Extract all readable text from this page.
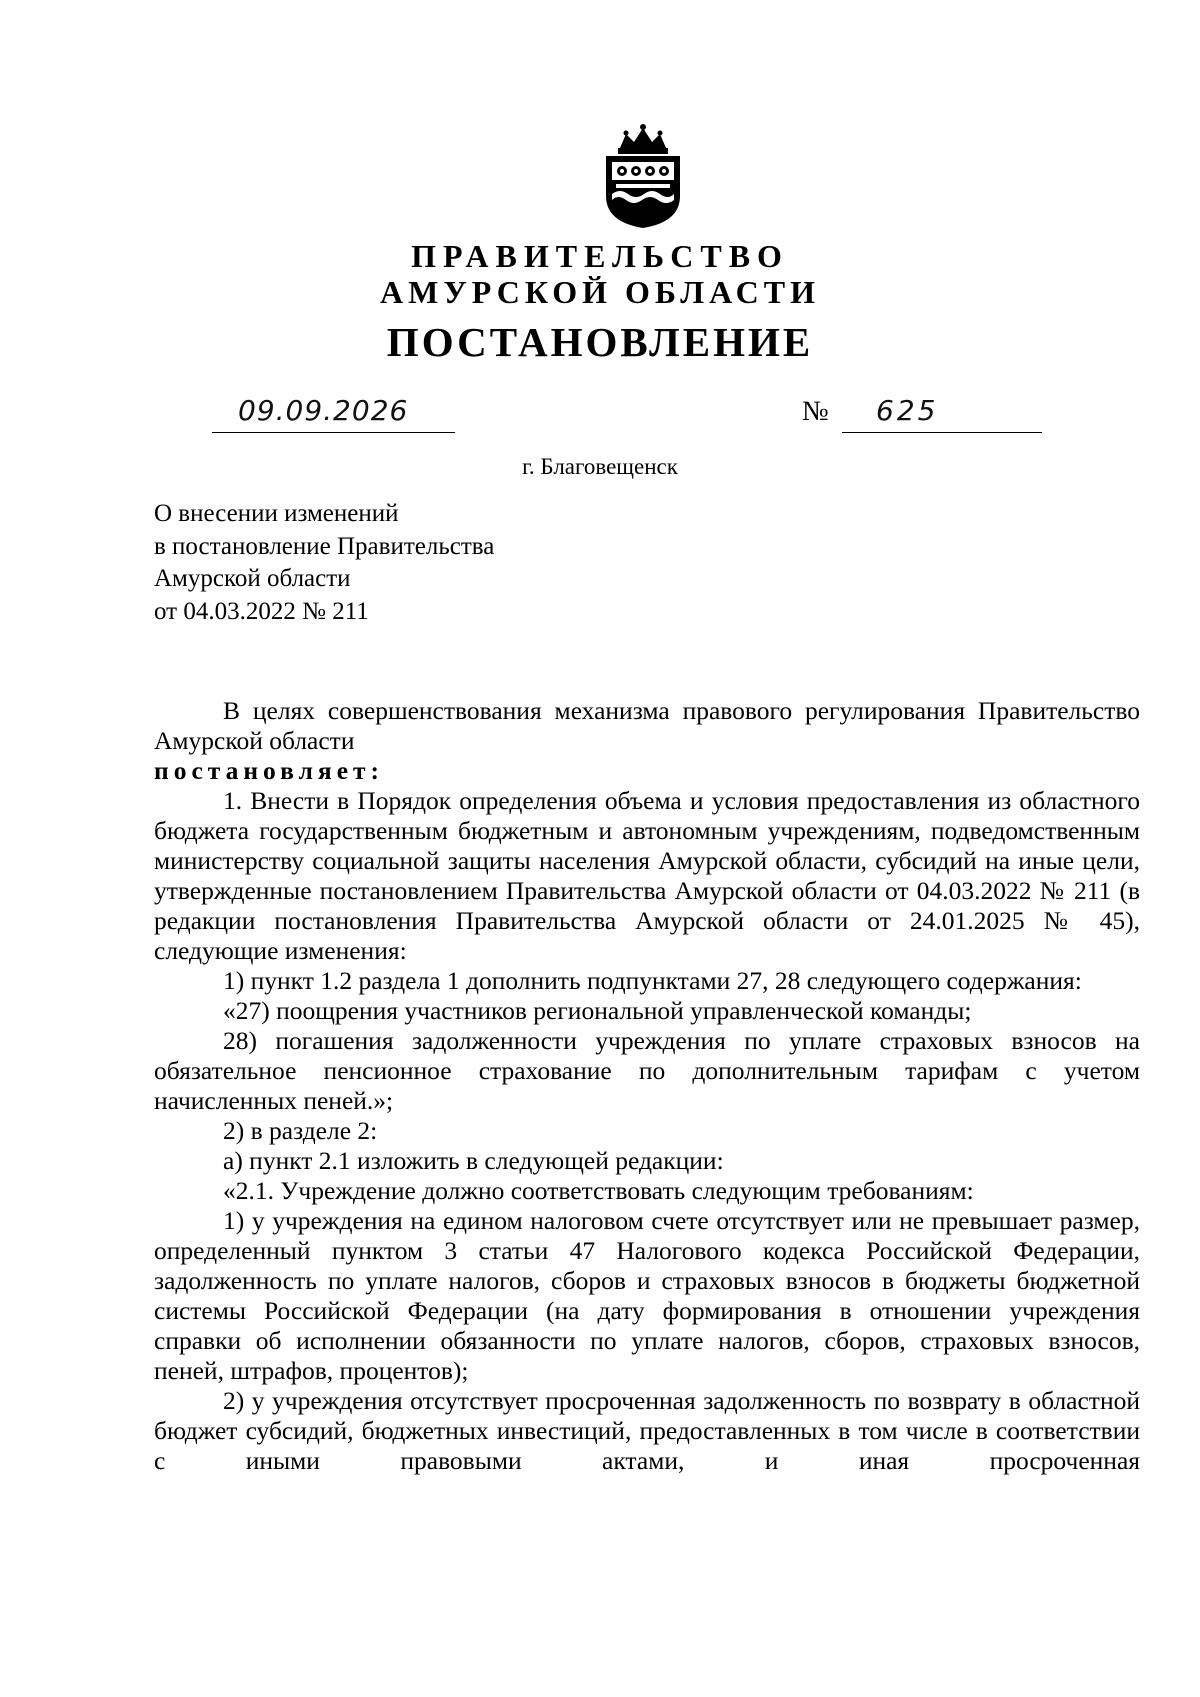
ПРАВИТЕЛЬСТВО
АМУРСКОЙ ОБЛАСТИ
ПОСТАНОВЛЕНИЕ
09.09.2026	№ 625
г. Благовещенск
О внесении изменений
в постановление Правительства
Амурской области
от 04.03.2022 № 211

В целях совершенствования механизма правового регулирования Правительство Амурской области

постановляет:

1. Внести в Порядок определения объема и условия предоставления из областного бюджета государственным бюджетным и автономным учреждениям, подведомственным министерству социальной защиты населения Амурской области, субсидий на иные цели, утвержденные постановлением Правительства Амурской области от 04.03.2022 № 211 (в редакции постановления Правительства Амурской области от 24.01.2025 № 45), следующие изменения:

1) пункт 1.2 раздела 1 дополнить подпунктами 27, 28 следующего содержания:

«27) поощрения участников региональной управленческой команды;

28) погашения задолженности учреждения по уплате страховых взносов на обязательное пенсионное страхование по дополнительным тарифам с учетом начисленных пеней.»;

2) в разделе 2:

а) пункт 2.1 изложить в следующей редакции:

«2.1. Учреждение должно соответствовать следующим требованиям:

1) у учреждения на едином налоговом счете отсутствует или не превышает размер, определенный пунктом 3 статьи 47 Налогового кодекса Российской Федерации, задолженность по уплате налогов, сборов и страховых взносов в бюджеты бюджетной системы Российской Федерации (на дату формирования в отношении учреждения справки об исполнении обязанности по уплате налогов, сборов, страховых взносов, пеней, штрафов, процентов);

2) у учреждения отсутствует просроченная задолженность по возврату в областной бюджет субсидий, бюджетных инвестиций, предоставленных в том числе в соответствии с иными правовыми актами, и иная просроченная
